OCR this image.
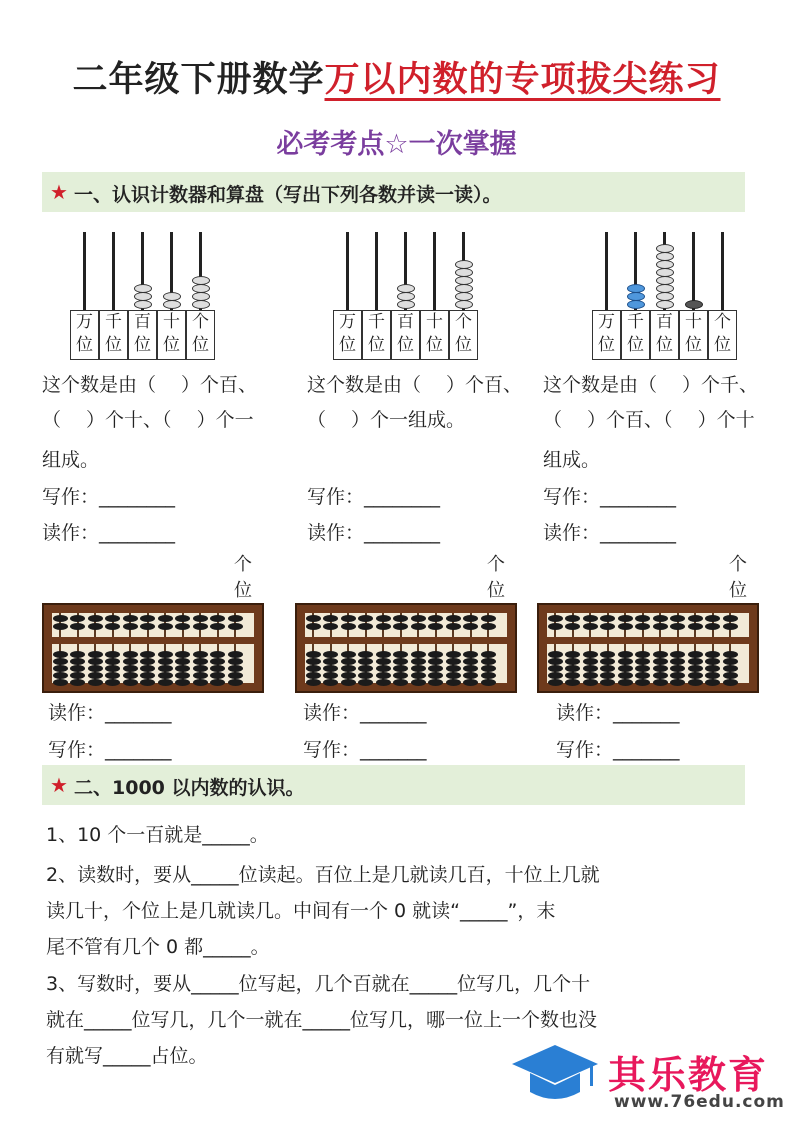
二年级下册数学万以内数的专项拔尖练习
必考考点☆一次掌握
★ 一、认识计数器和算盘（写出下列各数并读一读）。
万
位
千
位
百
位
十
位
个
位
这个数是由（　 ）个百、
（　 ）个十、（　 ）个一
组成。
写作：________
读作：________
万
位
千
位
百
位
十
位
个
位
这个数是由（　 ）个百、
（　 ）个一组成。
写作：________
读作：________
万
位
千
位
百
位
十
位
个
位
这个数是由（　 ）个千、
（　 ）个百、（　 ）个十
组成。
写作：________
读作：________
个
位
读作：_______
写作：_______
个
位
读作：_______
写作：_______
个
位
读作：_______
写作：_______
★ 二、1000 以内数的认识。
1、10 个一百就是_____。
2、读数时，要从_____位读起。百位上是几就读几百，十位上几就
读几十，个位上是几就读几。中间有一个 0 就读“_____”，末
尾不管有几个 0 都_____。
3、写数时，要从_____位写起，几个百就在_____位写几，几个十
就在_____位写几，几个一就在_____位写几，哪一位上一个数也没
有就写_____占位。	其乐教育
www.76edu.com
